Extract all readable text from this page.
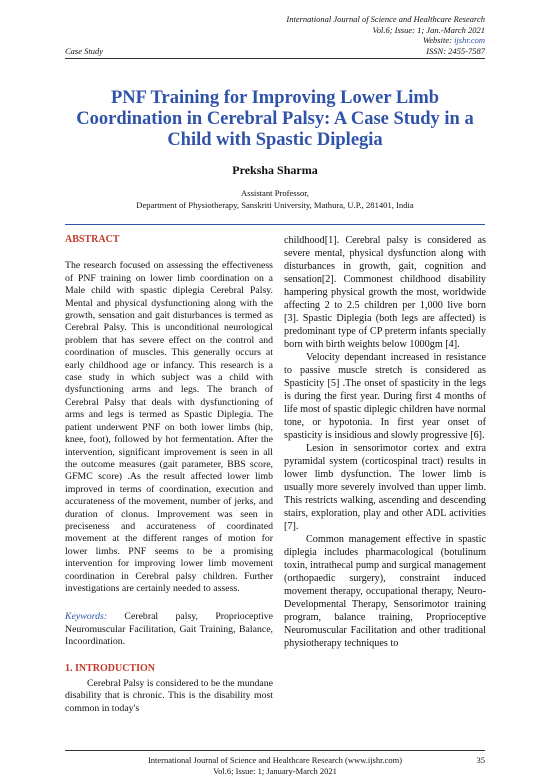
International Journal of Science and Healthcare Research
Vol.6; Issue: 1; Jan.-March 2021
Website: ijshr.com
Case Study	ISSN: 2455-7587
PNF Training for Improving Lower Limb Coordination in Cerebral Palsy: A Case Study in a Child with Spastic Diplegia
Preksha Sharma
Assistant Professor,
Department of Physiotherapy, Sanskriti University, Mathura, U.P., 281401, India
ABSTRACT

The research focused on assessing the effectiveness of PNF training on lower limb coordination on a Male child with spastic diplegia Cerebral Palsy. Mental and physical dysfunctioning along with the growth, sensation and gait disturbances is termed as Cerebral Palsy. This is unconditional neurological problem that has severe effect on the control and coordination of muscles. This generally occurs at early childhood age or infancy. This research is a case study in which subject was a child with dysfunctioning arms and legs. The branch of Cerebral Palsy that deals with dysfunctioning of arms and legs is termed as Spastic Diplegia. The patient underwent PNF on both lower limbs (hip, knee, foot), followed by hot fermentation. After the intervention, significant improvement is seen in all the outcome measures (gait parameter, BBS score, GFMC score) .As the result affected lower limb improved in terms of coordination, execution and accurateness of the movement, number of jerks, and duration of clonus. Improvement was seen in preciseness and accurateness of coordinated movement at the different ranges of motion for lower limbs. PNF seems to be a promising intervention for improving lower limb movement coordination in Cerebral palsy children. Further investigations are certainly needed to assess.

Keywords: Cerebral palsy, Proprioceptive Neuromuscular Facilitation, Gait Training, Balance, Incoordination.

1. INTRODUCTION

Cerebral Palsy is considered to be the mundane disability that is chronic. This is the disability most common in today's

childhood[1]. Cerebral palsy is considered as severe mental, physical dysfunction along with disturbances in growth, gait, cognition and sensation[2]. Commonest childhood disability hampering physical growth the most, worldwide affecting 2 to 2.5 children per 1,000 live born [3]. Spastic Diplegia (both legs are affected) is predominant type of CP preterm infants specially born with birth weights below 1000gm [4].

Velocity dependant increased in resistance to passive muscle stretch is considered as Spasticity [5] .The onset of spasticity in the legs is during the first year. During first 4 months of life most of spastic diplegic children have normal tone, or hypotonia. In first year onset of spasticity is insidious and slowly progressive [6].

Lesion in sensorimotor cortex and extra pyramidal system (corticospinal tract) results in lower limb dysfunction. The lower limb is usually more severely involved than upper limb. This restricts walking, ascending and descending stairs, exploration, play and other ADL activities [7].

Common management effective in spastic diplegia includes pharmacological (botulinum toxin, intrathecal pump and surgical management (orthopaedic surgery), constraint induced movement therapy, occupational therapy, Neuro-Developmental Therapy, Sensorimotor training program, balance training, Proprioceptive Neuromuscular Facilitation and other traditional physiotherapy techniques to

International Journal of Science and Healthcare Research (www.ijshr.com)	35
Vol.6; Issue: 1; January-March 2021
